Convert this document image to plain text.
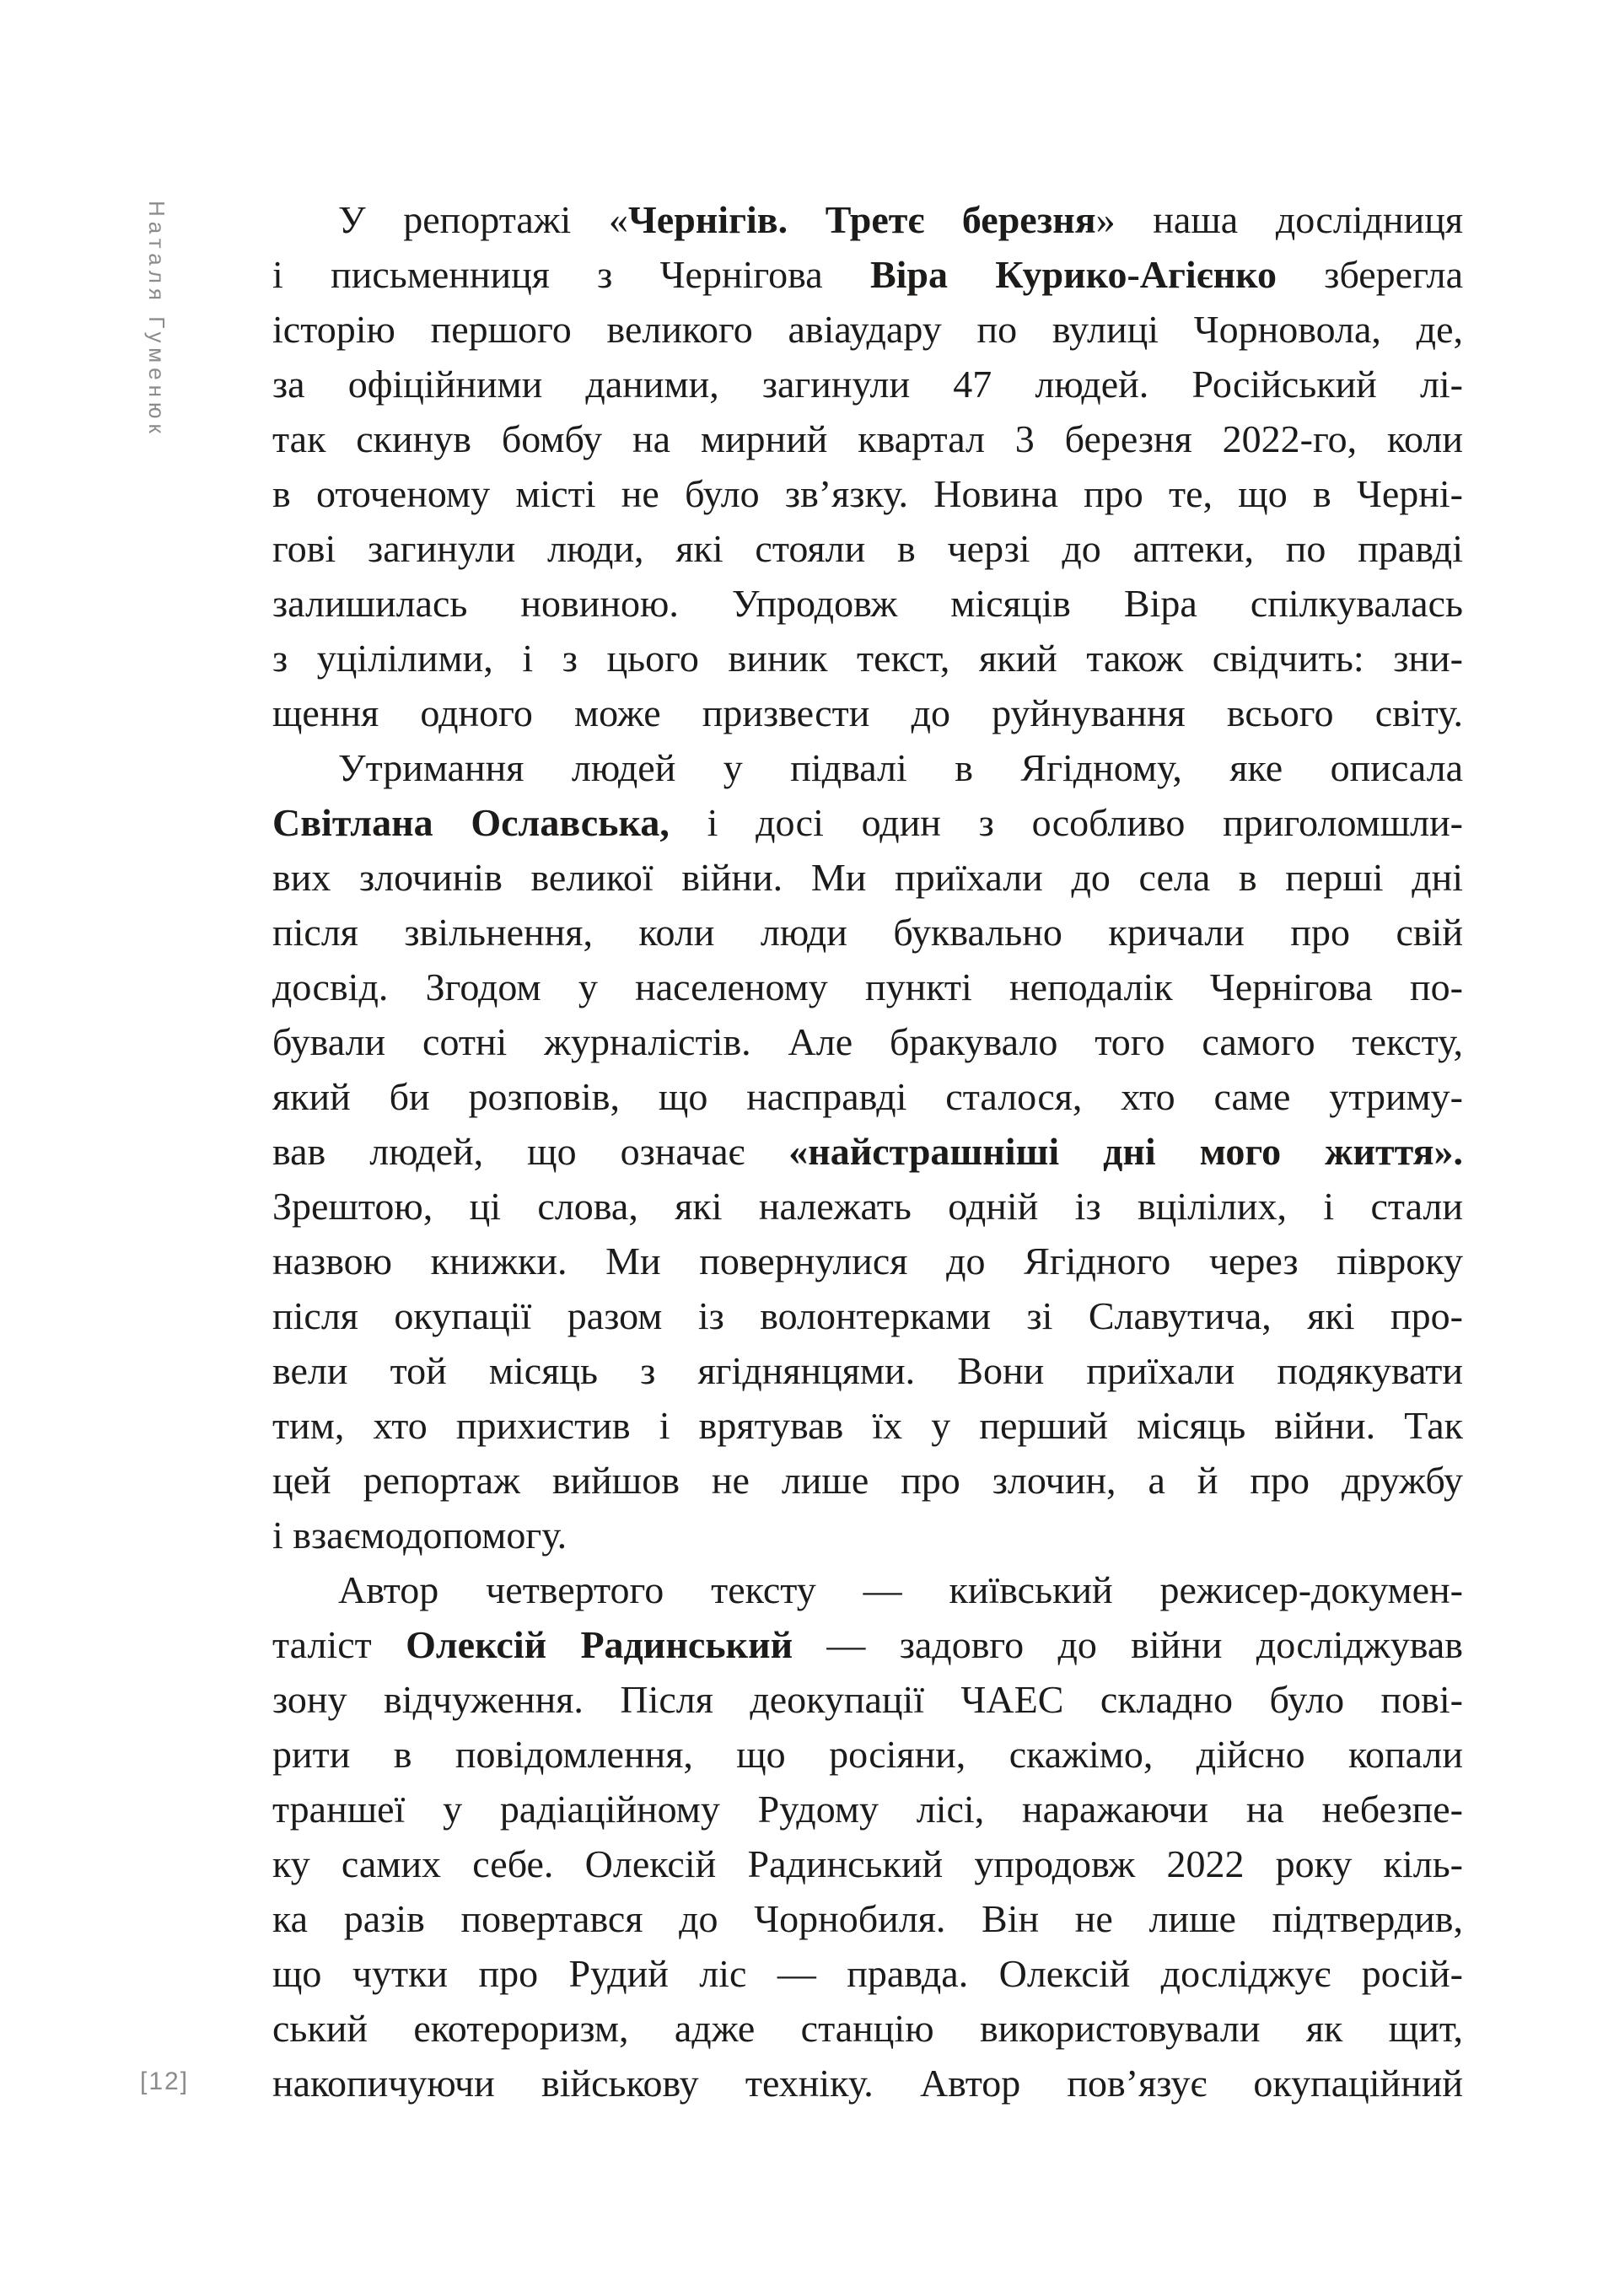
Наталя Гуменюк
[12]
У репортажі «Чернігів. Третє березня» наша дослідниця
і письменниця з Чернігова Віра Курико-Агієнко зберегла
історію першого великого авіаудару по вулиці Чорновола, де,
за офіційними даними, загинули 47 людей. Російський лі-
так скинув бомбу на мирний квартал 3 березня 2022-го, коли
в оточеному місті не було зв’язку. Новина про те, що в Черні-
гові загинули люди, які стояли в черзі до аптеки, по правді
залишилась новиною. Упродовж місяців Віра спілкувалась
з уцілілими, і з цього виник текст, який також свідчить: зни-
щення одного може призвести до руйнування всього світу.
Утримання людей у підвалі в Ягідному, яке описала
Світлана Ославська, і досі один з особливо приголомшли-
вих злочинів великої війни. Ми приїхали до села в перші дні
після звільнення, коли люди буквально кричали про свій
досвід. Згодом у населеному пункті неподалік Чернігова по-
бували сотні журналістів. Але бракувало того самого тексту,
який би розповів, що насправді сталося, хто саме утриму-
вав людей, що означає «найстрашніші дні мого життя».
Зрештою, ці слова, які належать одній із вцілілих, і стали
назвою книжки. Ми повернулися до Ягідного через півроку
після окупації разом із волонтерками зі Славутича, які про-
вели той місяць з ягіднянцями. Вони приїхали подякувати
тим, хто прихистив і врятував їх у перший місяць війни. Так
цей репортаж вийшов не лише про злочин, а й про дружбу
і взаємодопомогу.
Автор четвертого тексту — київський режисер-докумен-
таліст Олексій Радинський — задовго до війни досліджував
зону відчуження. Після деокупації ЧАЕС складно було пові-
рити в повідомлення, що росіяни, скажімо, дійсно копали
траншеї у радіаційному Рудому лісі, наражаючи на небезпе-
ку самих себе. Олексій Радинський упродовж 2022 року кіль-
ка разів повертався до Чорнобиля. Він не лише підтвердив,
що чутки про Рудий ліс — правда. Олексій досліджує росій-
ський екотероризм, адже станцію використовували як щит,
накопичуючи військову техніку. Автор пов’язує окупаційний
